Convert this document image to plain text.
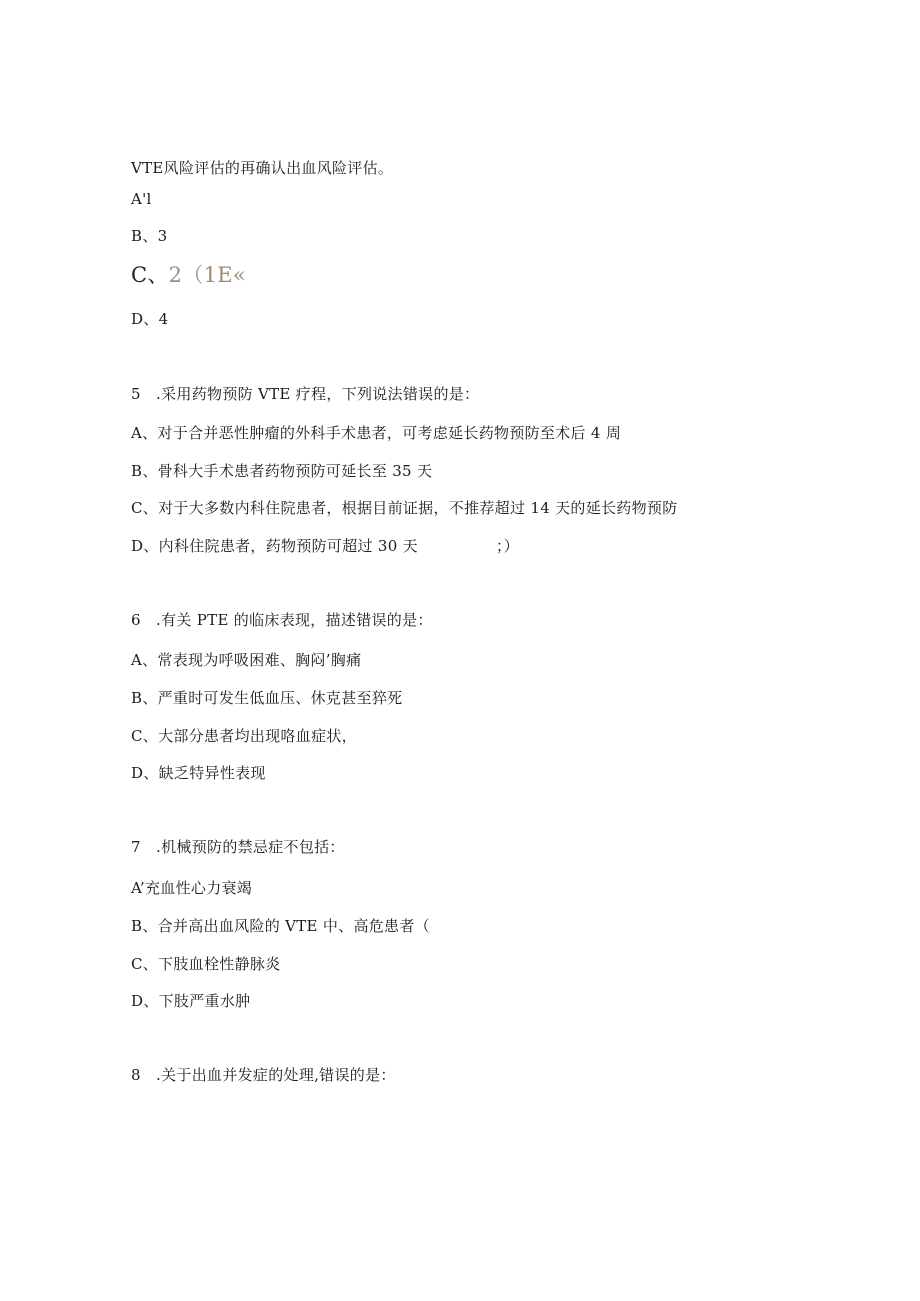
VTE风险评估的再确认出血风险评估。
A'l
B、3
C、2（1E«
D、4
5   .采用药物预防 VTE 疗程，下列说法错误的是：
A、对于合并恶性肿瘤的外科手术患者，可考虑延长药物预防至术后 4 周
B、骨科大手术患者药物预防可延长至 35 天
C、对于大多数内科住院患者，根据目前证据，不推荐超过 14 天的延长药物预防
D、内科住院患者，药物预防可超过 30 天	；）
6   .有关 PTE 的临床表现，描述错误的是：
A、常表现为呼吸困难、胸闷’胸痛
B、严重时可发生低血压、休克甚至猝死
C、大部分患者均出现咯血症状，
D、缺乏特异性表现
7   .机械预防的禁忌症不包括：
A’充血性心力衰竭
B、合并高出血风险的 VTE 中、高危患者（
C、下肢血栓性静脉炎
D、下肢严重水肿
8   .关于出血并发症的处理,错误的是：
